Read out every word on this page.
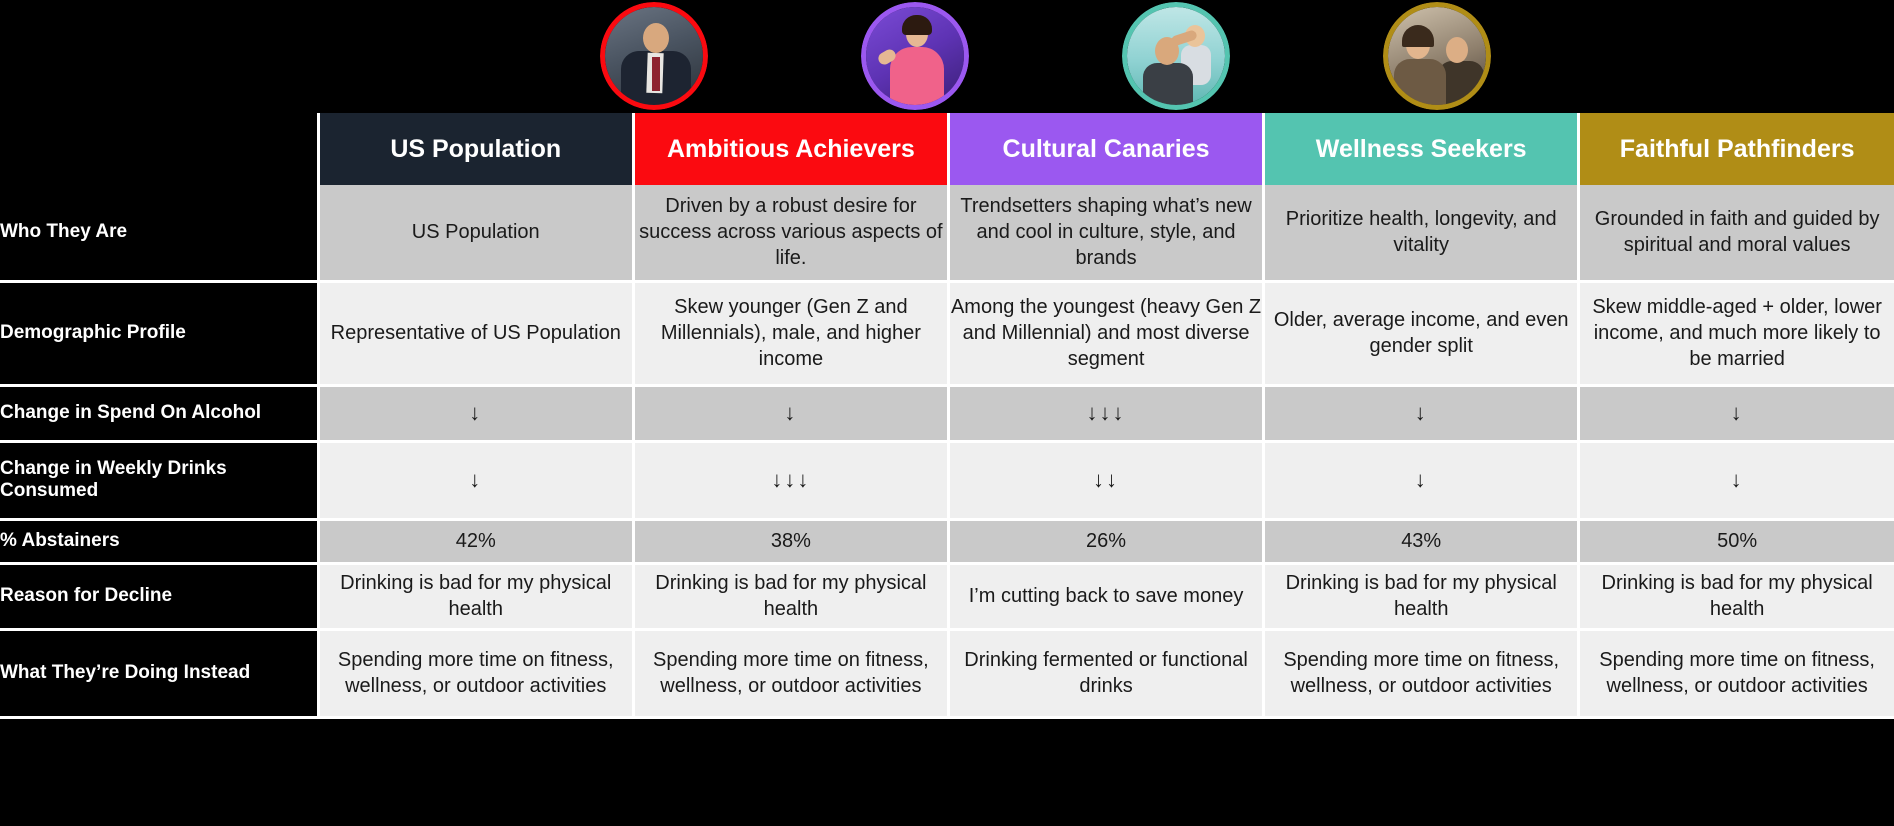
	US Population	Ambitious Achievers	Cultural Canaries	Wellness Seekers	Faithful Pathfinders
Who They Are	US Population	Driven by a robust desire for success across various aspects of life.	Trendsetters shaping what’s new and cool in culture, style, and brands	Prioritize health, longevity, and vitality	Grounded in faith and guided by spiritual and moral values
Demographic Profile	Representative of US Population	Skew younger (Gen Z and Millennials), male, and higher income	Among the youngest (heavy Gen Z and Millennial) and most diverse segment	Older, average income, and even gender split	Skew middle-aged + older, lower income, and much more likely to be married
Change in Spend On Alcohol	↓	↓	↓↓↓	↓	↓
Change in Weekly Drinks Consumed	↓	↓↓↓	↓↓	↓	↓
% Abstainers	42%	38%	26%	43%	50%
Reason for Decline	Drinking is bad for my physical health	Drinking is bad for my physical health	I’m cutting back to save money	Drinking is bad for my physical health	Drinking is bad for my physical health
What They’re Doing Instead	Spending more time on fitness, wellness, or outdoor activities	Spending more time on fitness, wellness, or outdoor activities	Drinking fermented or functional drinks	Spending more time on fitness, wellness, or outdoor activities	Spending more time on fitness, wellness, or outdoor activities
